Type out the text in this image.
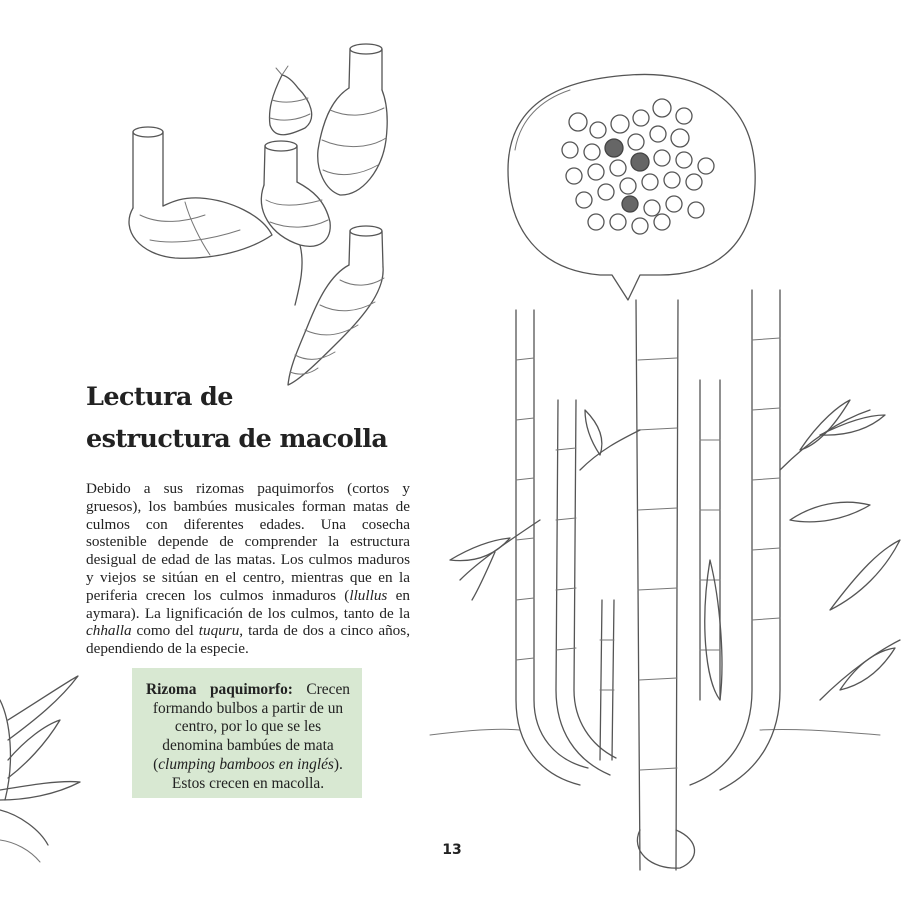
Lectura de
estructura de macolla

Debido a sus rizomas paquimorfos (cortos y gruesos), los bambúes musicales forman matas de culmos con diferentes edades. Una cosecha sostenible depende de comprender la estructura desigual de edad de las matas. Los culmos maduros y viejos se sitúan en el centro, mientras que en la periferia crecen los culmos inmaduros (llullus en aymara). La lignificación de los culmos, tanto de la chhalla como del tuquru, tarda de dos a cinco años, dependiendo de la especie.

Rizoma paquimorfo: Crecen
formando bulbos a partir de un centro, por lo que se les denomina bambúes de mata (clumping bamboos en inglés). Estos crecen en macolla.
13
